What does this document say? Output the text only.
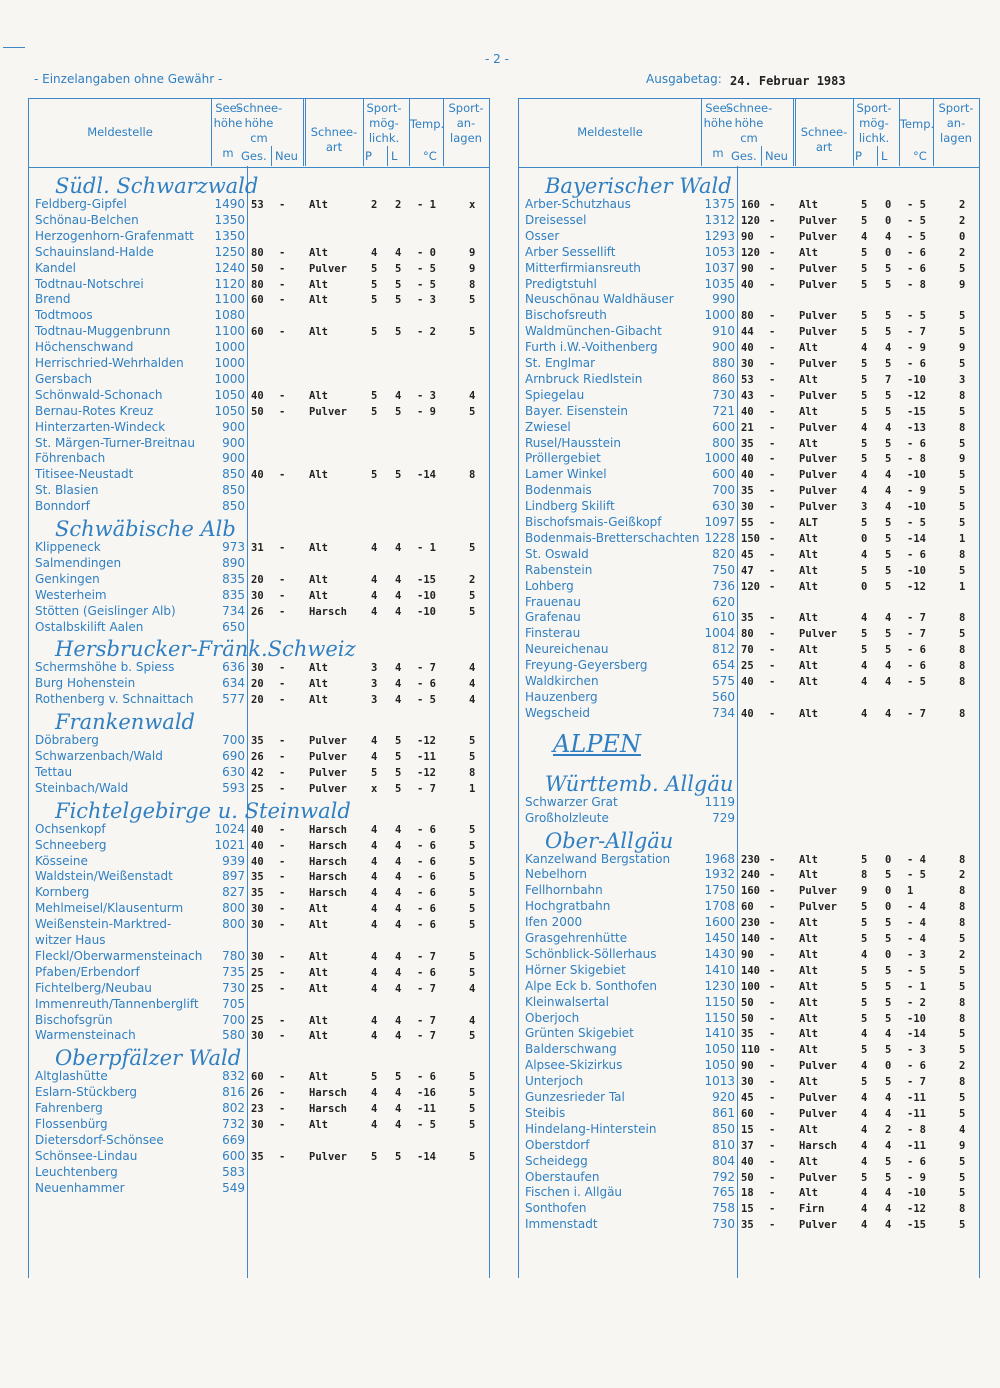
- 2 -
- Einzelangaben ohne Gewähr -	Ausgabetag: 24. Februar 1983
Meldestelle
See-
höhe

m
Schnee-
höhe
cm	Schnee-
art
Sport-
mög-
lichk.
Temp.
Sport-
an-
lagen
Ges. Neu	P L °C
Südl. Schwarzwald
Feldberg-Gipfel	1490 53 - Alt	2 2 - 1	x
Schönau-Belchen	1350
Herzogenhorn-Grafenmatt 1350
Schauinsland-Halde	1250 80 - Alt	4 4 - 0	9
Kandel	1240 50 - Pulver 5 5 - 5	9
Todtnau-Notschrei	1120 80 - Alt	5 5 - 5	8
Brend	1100 60 - Alt	5 5 - 3	5
Todtmoos	1080
Todtnau-Muggenbrunn	1100 60 - Alt	5 5 - 2	5
Höchenschwand	1000
Herrischried-Wehrhalden	1000
Gersbach	1000
Schönwald-Schonach	1050 40 - Alt	5 4 - 3	4
Bernau-Rotes Kreuz	1050 50 - Pulver 5 5 - 9	5
Hinterzarten-Windeck	900
St. Märgen-Turner-Breitnau 900
Föhrenbach	900
Titisee-Neustadt	850 40 - Alt	5 5 -14	8
St. Blasien	850
Bonndorf	850
Schwäbische Alb
Klippeneck	973 31 - Alt	4 4 - 1	5
Salmendingen	890
Genkingen	835 20 - Alt	4 4 -15	2
Westerheim	835 30 - Alt	4 4 -10	5
Stötten (Geislinger Alb)	734 26 - Harsch 4 4 -10	5
Ostalbskilift Aalen	650
Hersbrucker-Fränk.Schweiz
Schermshöhe b. Spiess	636 30 - Alt	3 4 - 7	4
Burg Hohenstein	634 20 - Alt	3 4 - 6	4
Rothenberg v. Schnaittach 577 20 - Alt	3 4 - 5	4
Frankenwald
Döbraberg	700 35 - Pulver 4 5 -12	5
Schwarzenbach/Wald	690 26 - Pulver 4 5 -11	5
Tettau	630 42 - Pulver 5 5 -12	8
Steinbach/Wald	593 25 - Pulver x 5 - 7	1
Fichtelgebirge u. Steinwald
Ochsenkopf	1024 40 - Harsch 4 4 - 6	5
Schneeberg	1021 40 - Harsch 4 4 - 6	5
Kösseine	939 40 - Harsch 4 4 - 6	5
Waldstein/Weißenstadt	897 35 - Harsch 4 4 - 6	5
Kornberg	827 35 - Harsch 4 4 - 6	5
Mehlmeisel/Klausenturm	800 30 - Alt	4 4 - 6	5
Weißenstein-Marktred-	800 30 - Alt	4 4 - 6	5
witzer Haus
Fleckl/Oberwarmensteinach 780 30 - Alt	4 4 - 7	5
Pfaben/Erbendorf	735 25 - Alt	4 4 - 6	5
Fichtelberg/Neubau	730 25 - Alt	4 4 - 7	4
Immenreuth/Tannenberglift 705
Bischofsgrün	700 25 - Alt	4 4 - 7	4
Warmensteinach	580 30 - Alt	4 4 - 7	5
Oberpfälzer Wald
Altglashütte	832 60 - Alt	5 5 - 6	5
Eslarn-Stückberg	816 26 - Harsch 4 4 -16	5
Fahrenberg	802 23 - Harsch 4 4 -11	5
Flossenbürg	732 30 - Alt	4 4 - 5	5
Dietersdorf-Schönsee	669
Schönsee-Lindau	600 35 - Pulver 5 5 -14	5
Leuchtenberg	583
Neuenhammer	549
Meldestelle
See-
höhe

m
Schnee-
höhe
cm	Schnee-
art
Sport-
mög-
lichk.
Temp.
Sport-
an-
lagen
Ges. Neu	P L °C
Bayerischer Wald
Arber-Schutzhaus	1375 160 - Alt	5 0 - 5	2
Dreisessel	1312 120 - Pulver 5 0 - 5	2
Osser	1293 90 - Pulver 4 4 - 5	0
Arber Sessellift	1053 120 - Alt	5 0 - 6	2
Mitterfirmiansreuth	1037 90 - Pulver 5 5 - 6	5
Predigtstuhl	1035 40 - Pulver 5 5 - 8	9
Neuschönau Waldhäuser	990
Bischofsreuth	1000 80 - Pulver 5 5 - 5	5
Waldmünchen-Gibacht	910 44 - Pulver 5 5 - 7	5
Furth i.W.-Voithenberg	900 40 - Alt	4 4 - 9	9
St. Englmar	880 30 - Pulver 5 5 - 6	5
Arnbruck Riedlstein	860 53 - Alt	5 7 -10	3
Spiegelau	730 43 - Pulver 5 5 -12	8
Bayer. Eisenstein	721 40 - Alt	5 5 -15	5
Zwiesel	600 21 - Pulver 4 4 -13	8
Rusel/Hausstein	800 35 - Alt	5 5 - 6	5
Pröllergebiet	1000 40 - Pulver 5 5 - 8	9
Lamer Winkel	600 40 - Pulver 4 4 -10	5
Bodenmais	700 35 - Pulver 4 4 - 9	5
Lindberg Skilift	630 30 - Pulver 3 4 -10	5
Bischofsmais-Geißkopf	1097 55 - ALT	5 5 - 5	5
Bodenmais-Bretterschachten 1228 150 - Alt	0 5 -14	1
St. Oswald	820 45 - Alt	4 5 - 6	8
Rabenstein	750 47 - Alt	5 5 -10	5
Lohberg	736 120 - Alt	0 5 -12	1
Frauenau	620
Grafenau	610 35 - Alt	4 4 - 7	8
Finsterau	1004 80 - Pulver 5 5 - 7	5
Neureichenau	812 70 - Alt	5 5 - 6	8
Freyung-Geyersberg	654 25 - Alt	4 4 - 6	8
Waldkirchen	575 40 - Alt	4 4 - 5	8
Hauzenberg	560
Wegscheid	734 40 - Alt	4 4 - 7	8
ALPEN
Württemb. Allgäu
Schwarzer Grat	1119
Großholzleute	729
Ober-Allgäu
Kanzelwand Bergstation	1968 230 - Alt	5 0 - 4	8
Nebelhorn	1932 240 - Alt	8 5 - 5	2
Fellhornbahn	1750 160 - Pulver 9 0 1	8
Hochgratbahn	1708 60 - Pulver 5 0 - 4	8
Ifen 2000	1600 230 - Alt	5 5 - 4	8
Grasgehrenhütte	1450 140 - Alt	5 5 - 4	5
Schönblick-Söllerhaus	1430 90 - Alt	4 0 - 3	2
Hörner Skigebiet	1410 140 - Alt	5 5 - 5	5
Alpe Eck b. Sonthofen	1230 100 - Alt	5 5 - 1	5
Kleinwalsertal	1150 50 - Alt	5 5 - 2	8
Oberjoch	1150 50 - Alt	5 5 -10	8
Grünten Skigebiet	1410 35 - Alt	4 4 -14	5
Balderschwang	1050 110 - Alt	5 5 - 3	5
Alpsee-Skizirkus	1050 90 - Pulver 4 0 - 6	2
Unterjoch	1013 30 - Alt	5 5 - 7	8
Gunzesrieder Tal	920 45 - Pulver 4 4 -11	5
Steibis	861 60 - Pulver 4 4 -11	5
Hindelang-Hinterstein	850 15 - Alt	4 2 - 8	4
Oberstdorf	810 37 - Harsch 4 4 -11	9
Scheidegg	804 40 - Alt	4 5 - 6	5
Oberstaufen	792 50 - Pulver 5 5 - 9	5
Fischen i. Allgäu	765 18 - Alt	4 4 -10	5
Sonthofen	758 15 - Firn	4 4 -12	8
Immenstadt	730 35 - Pulver 4 4 -15	5
